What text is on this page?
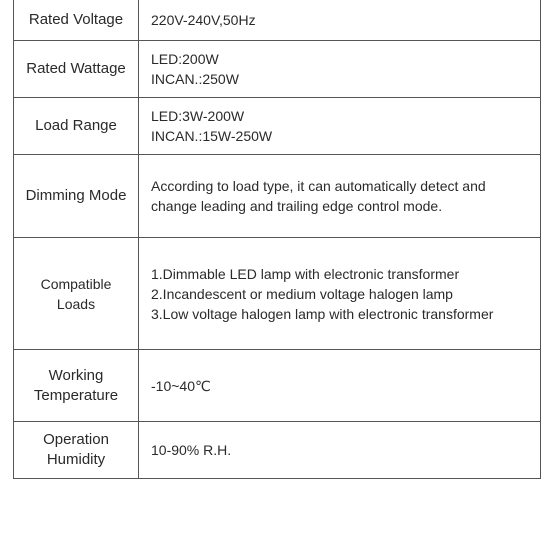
Rated Voltage	220V-240V,50Hz

Rated Wattage	LED:200W
INCAN.:250W

Load Range	LED:3W-200W
INCAN.:15W-250W

Dimming Mode	According to load type, it can automatically detect and change leading and trailing edge control mode.

Compatible
Loads	1.Dimmable LED lamp with electronic transformer
2.Incandescent or medium voltage halogen lamp
3.Low voltage halogen lamp with electronic transformer

Working
Temperature	-10~40℃

Operation
Humidity	10-90% R.H.
